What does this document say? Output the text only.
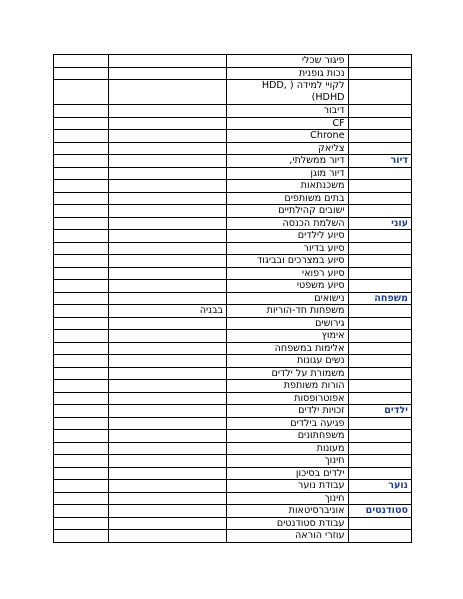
		פיגור שכלי	
		נכות גופנית	
		לקויי למידה ( HDD, HDHD)	
		דיבור	
		CF	
		Chrone	
		צליאק	
		דיור ממשלתי,	דיור
		דיור מוגן	
		משכנתאות	
		בתים משותפים	
		ישובים קהילתיים	
		השלמת הכנסה	עוני
		סיוע לילדים	
		סיוע בדיור	
		סיוע במצרכים ובביגוד	
		סיוע רפואי	
		סיוע משפטי	
		נישואים	משפחה
	בבניה	משפחות חד-הוריות	
		גירושים	
		אימוץ	
		אלימות במשפחה	
		נשים עגונות	
		משמורת על ילדים	
		הורות משותפת	
		אפוטרופסות	
		זכויות ילדים	ילדים
		פגיעה בילדים	
		משפחתונים	
		מעונות	
		חינוך	
		ילדים בסיכון	
		עבודת נוער	נוער
		חינוך	
		אוניברסיטאות	סטודנטים
		עבודת סטודנטים	
		עוזרי הוראה	
